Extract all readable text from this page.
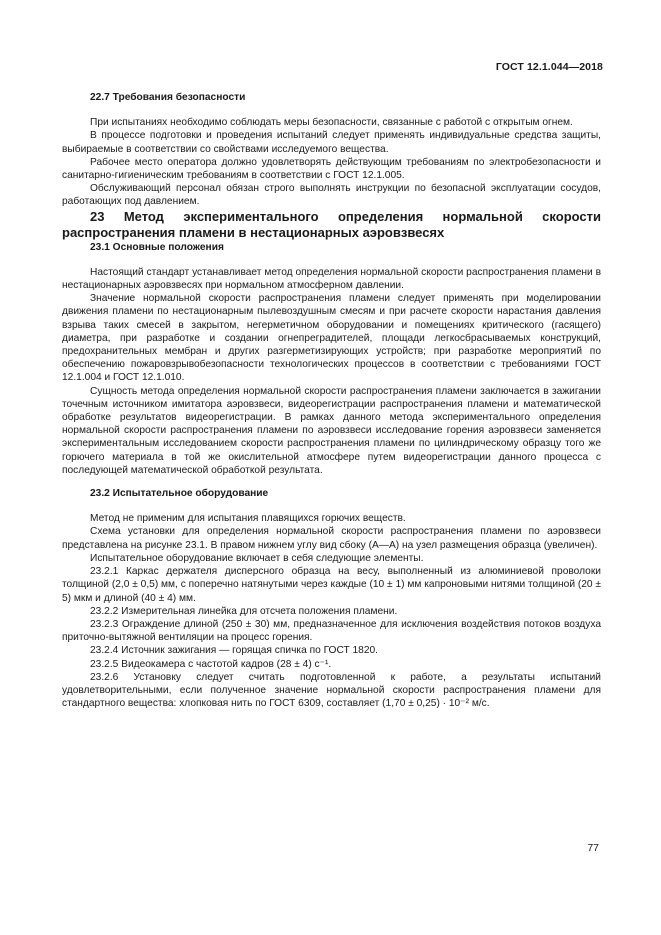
ГОСТ 12.1.044—2018

22.7 Требования безопасности

При испытаниях необходимо соблюдать меры безопасности, связанные с работой с открытым огнем.

В процессе подготовки и проведения испытаний следует применять индивидуальные средства защиты, выбираемые в соответствии со свойствами исследуемого вещества.

Рабочее место оператора должно удовлетворять действующим требованиям по электробезопасности и санитарно-гигиеническим требованиям в соответствии с ГОСТ 12.1.005.

Обслуживающий персонал обязан строго выполнять инструкции по безопасной эксплуатации сосудов, работающих под давлением.

23 Метод экспериментального определения нормальной скорости распространения пламени в нестационарных аэровзвесях

23.1 Основные положения

Настоящий стандарт устанавливает метод определения нормальной скорости распространения пламени в нестационарных аэровзвесях при нормальном атмосферном давлении.

Значение нормальной скорости распространения пламени следует применять при моделировании движения пламени по нестационарным пылевоздушным смесям и при расчете скорости нарастания давления взрыва таких смесей в закрытом, негерметичном оборудовании и помещениях критического (гасящего) диаметра, при разработке и создании огнепреградителей, площади легкосбрасываемых конструкций, предохранительных мембран и других разгерметизирующих устройств; при разработке мероприятий по обеспечению пожаровзрывобезопасности технологических процессов в соответствии с требованиями ГОСТ 12.1.004 и ГОСТ 12.1.010.

Сущность метода определения нормальной скорости распространения пламени заключается в зажигании точечным источником имитатора аэровзвеси, видеорегистрации распространения пламени и математической обработке результатов видеорегистрации. В рамках данного метода экспериментального определения нормальной скорости распространения пламени по аэровзвеси исследование горения аэровзвеси заменяется экспериментальным исследованием скорости распространения пламени по цилиндрическому образцу того же горючего материала в той же окислительной атмосфере путем видеорегистрации данного процесса с последующей математической обработкой результата.

23.2 Испытательное оборудование

Метод не применим для испытания плавящихся горючих веществ.

Схема установки для определения нормальной скорости распространения пламени по аэровзвеси представлена на рисунке 23.1. В правом нижнем углу вид сбоку (А—А) на узел размещения образца (увеличен).

Испытательное оборудование включает в себя следующие элементы.

23.2.1 Каркас держателя дисперсного образца на весу, выполненный из алюминиевой проволоки толщиной (2,0 ± 0,5) мм, с поперечно натянутыми через каждые (10 ± 1) мм капроновыми нитями толщиной (20 ± 5) мкм и длиной (40 ± 4) мм.

23.2.2 Измерительная линейка для отсчета положения пламени.

23.2.3 Ограждение длиной (250 ± 30) мм, предназначенное для исключения воздействия потоков воздуха приточно-вытяжной вентиляции на процесс горения.

23.2.4 Источник зажигания — горящая спичка по ГОСТ 1820.

23.2.5 Видеокамера с частотой кадров (28 ± 4) с⁻¹.

23.2.6 Установку следует считать подготовленной к работе, а результаты испытаний удовлетворительными, если полученное значение нормальной скорости распространения пламени для стандартного вещества: хлопковая нить по ГОСТ 6309, составляет (1,70 ± 0,25) · 10⁻² м/с.

77
